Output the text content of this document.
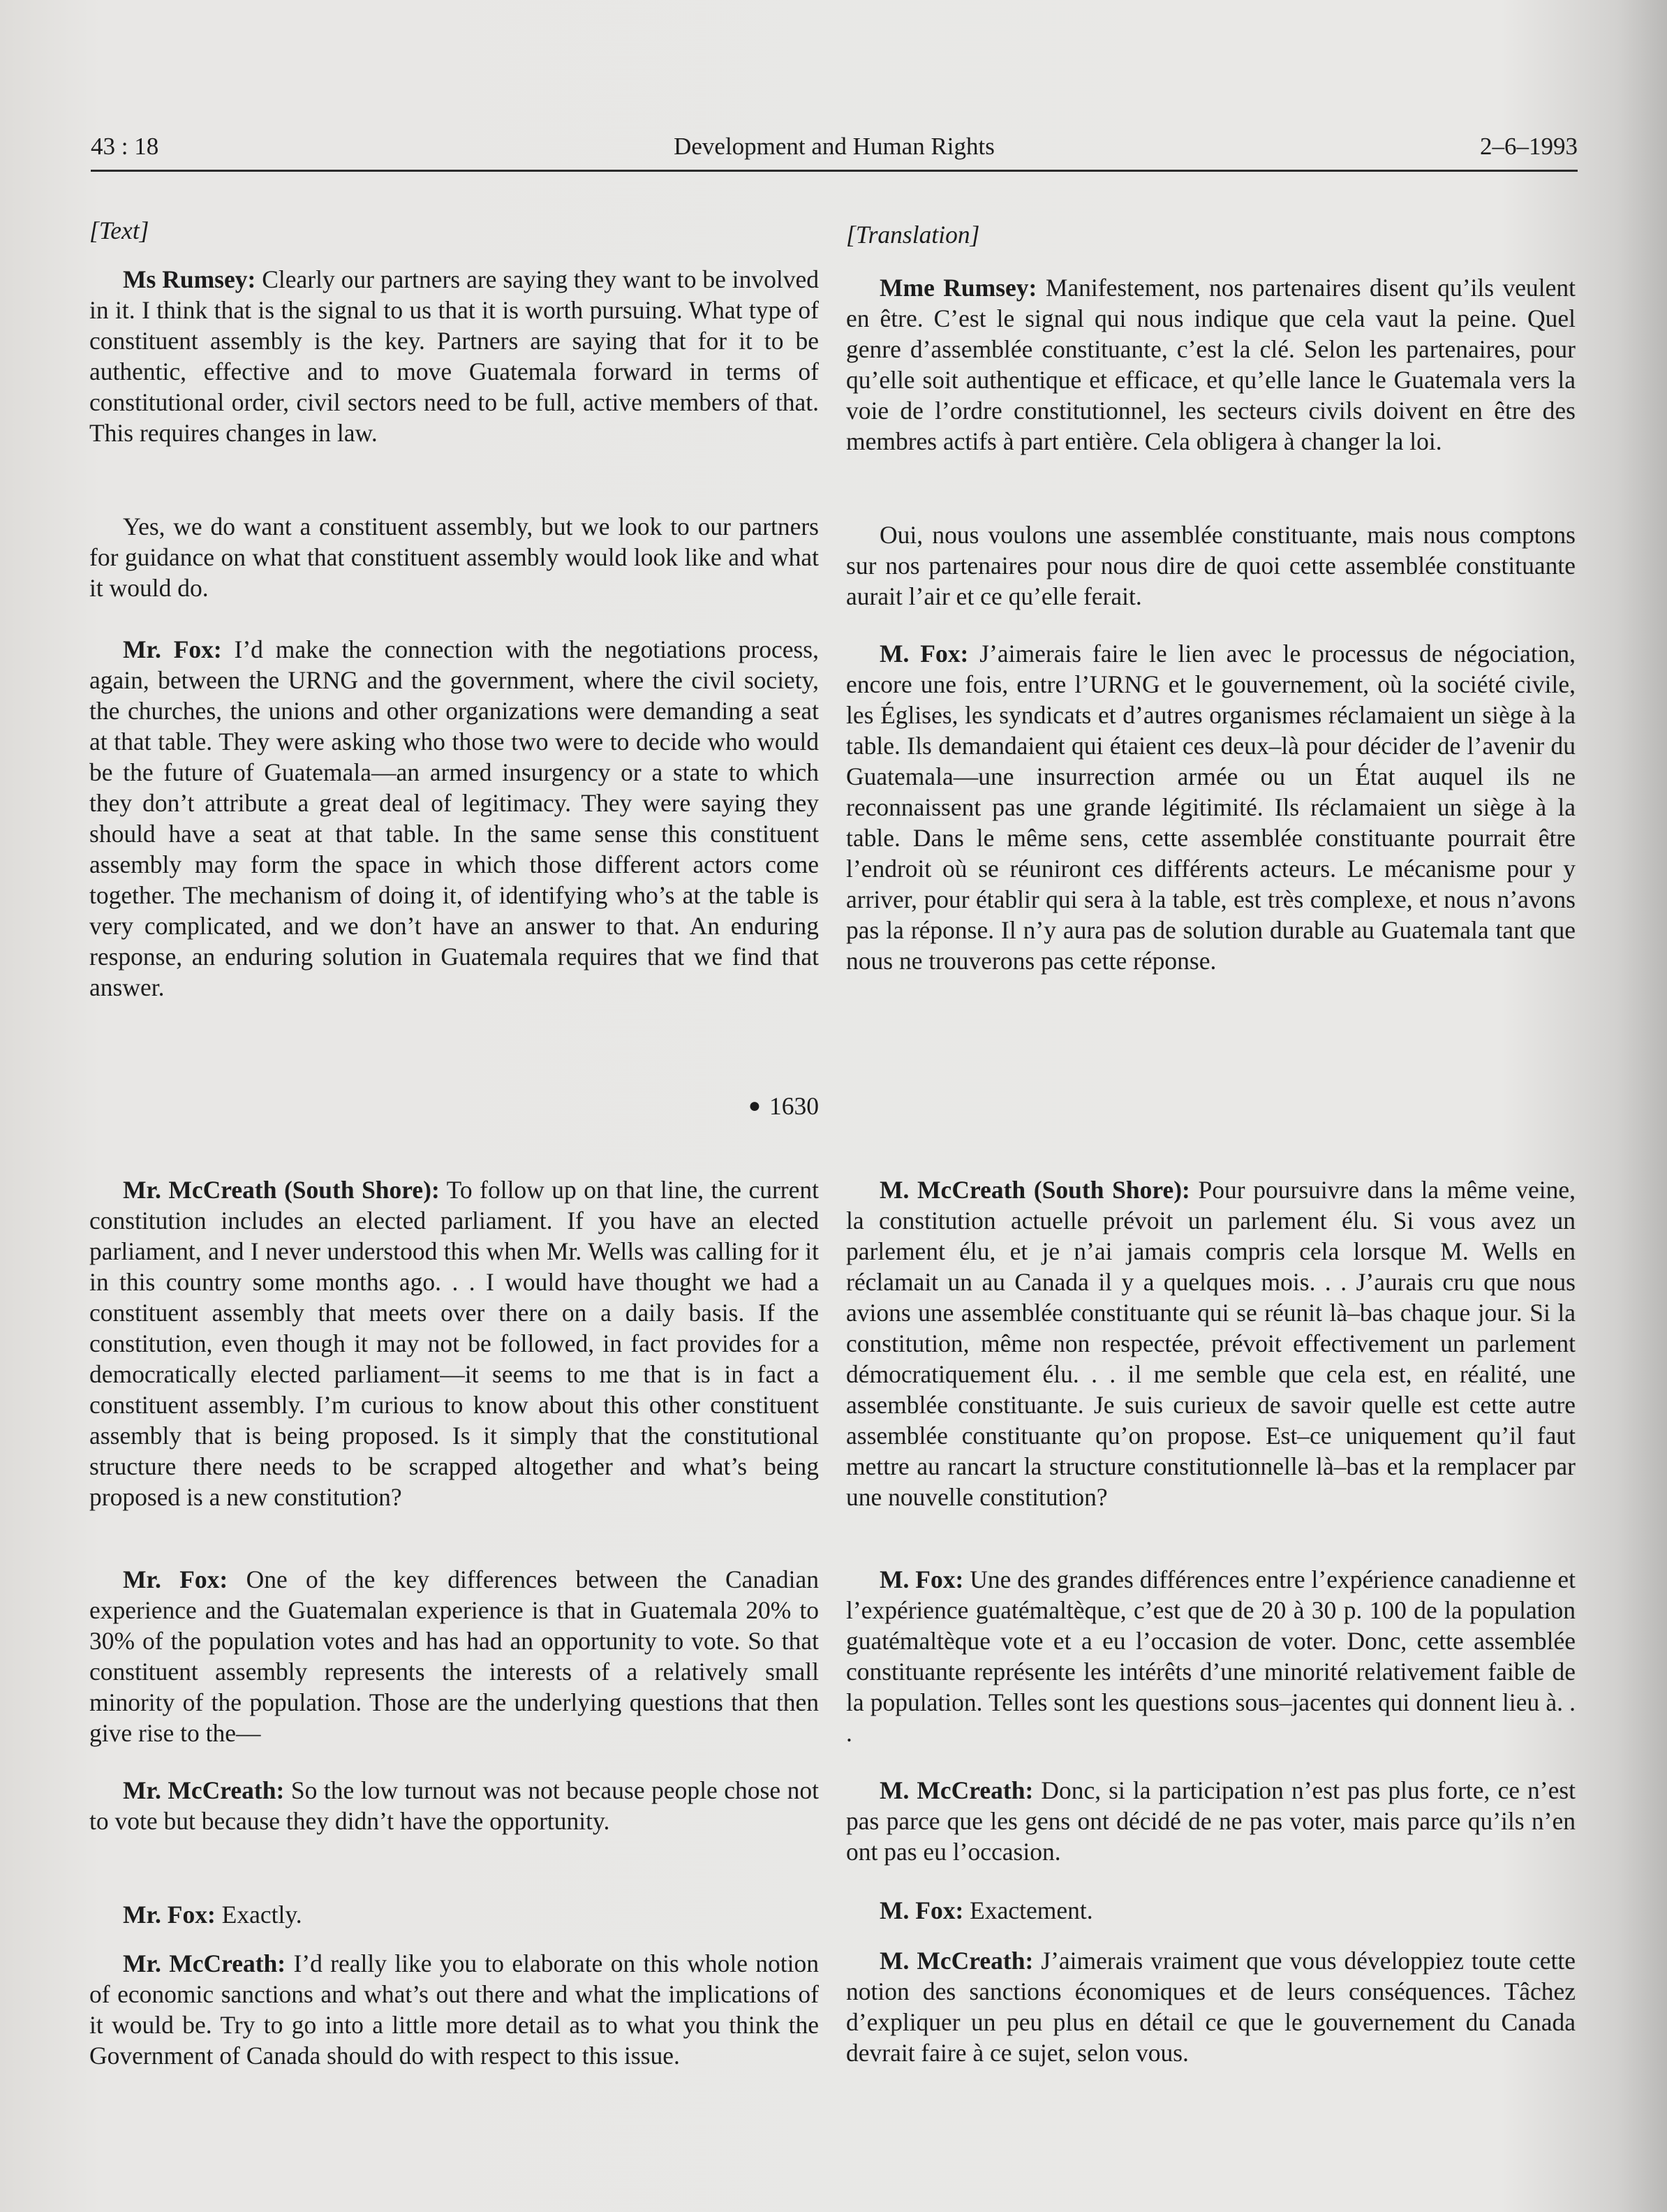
43 : 18	Development and Human Rights	2–6–1993
[Text]

Ms Rumsey: Clearly our partners are saying they want to be involved in it. I think that is the signal to us that it is worth pursuing. What type of constituent assembly is the key. Partners are saying that for it to be authentic, effective and to move Guatemala forward in terms of constitutional order, civil sectors need to be full, active members of that. This requires changes in law.

Yes, we do want a constituent assembly, but we look to our partners for guidance on what that constituent assembly would look like and what it would do.

Mr. Fox: I’d make the connection with the negotiations process, again, between the URNG and the government, where the civil society, the churches, the unions and other organizations were demanding a seat at that table. They were asking who those two were to decide who would be the future of Guatemala—an armed insurgency or a state to which they don’t attribute a great deal of legitimacy. They were saying they should have a seat at that table. In the same sense this constituent assembly may form the space in which those different actors come together. The mechanism of doing it, of identifying who’s at the table is very complicated, and we don’t have an answer to that. An enduring response, an enduring solution in Guatemala requires that we find that answer.

● 1630

Mr. McCreath (South Shore): To follow up on that line, the current constitution includes an elected parliament. If you have an elected parliament, and I never understood this when Mr. Wells was calling for it in this country some months ago. . . I would have thought we had a constituent assembly that meets over there on a daily basis. If the constitution, even though it may not be followed, in fact provides for a democratically elected parliament—it seems to me that is in fact a constituent assembly. I’m curious to know about this other constituent assembly that is being proposed. Is it simply that the constitutional structure there needs to be scrapped altogether and what’s being proposed is a new constitution?

Mr. Fox: One of the key differences between the Canadian experience and the Guatemalan experience is that in Guatemala 20% to 30% of the population votes and has had an opportunity to vote. So that constituent assembly represents the interests of a relatively small minority of the population. Those are the underlying questions that then give rise to the—

Mr. McCreath: So the low turnout was not because people chose not to vote but because they didn’t have the opportunity.

Mr. Fox: Exactly.

Mr. McCreath: I’d really like you to elaborate on this whole notion of economic sanctions and what’s out there and what the implications of it would be. Try to go into a little more detail as to what you think the Government of Canada should do with respect to this issue.

[Translation]

Mme Rumsey: Manifestement, nos partenaires disent qu’ils veulent en être. C’est le signal qui nous indique que cela vaut la peine. Quel genre d’assemblée constituante, c’est la clé. Selon les partenaires, pour qu’elle soit authentique et efficace, et qu’elle lance le Guatemala vers la voie de l’ordre constitutionnel, les secteurs civils doivent en être des membres actifs à part entière. Cela obligera à changer la loi.

Oui, nous voulons une assemblée constituante, mais nous comptons sur nos partenaires pour nous dire de quoi cette assemblée constituante aurait l’air et ce qu’elle ferait.

M. Fox: J’aimerais faire le lien avec le processus de négociation, encore une fois, entre l’URNG et le gouvernement, où la société civile, les Églises, les syndicats et d’autres organismes réclamaient un siège à la table. Ils demandaient qui étaient ces deux–là pour décider de l’avenir du Guatemala—une insurrection armée ou un État auquel ils ne reconnaissent pas une grande légitimité. Ils réclamaient un siège à la table. Dans le même sens, cette assemblée constituante pourrait être l’endroit où se réuniront ces différents acteurs. Le mécanisme pour y arriver, pour établir qui sera à la table, est très complexe, et nous n’avons pas la réponse. Il n’y aura pas de solution durable au Guatemala tant que nous ne trouverons pas cette réponse.

M. McCreath (South Shore): Pour poursuivre dans la même veine, la constitution actuelle prévoit un parlement élu. Si vous avez un parlement élu, et je n’ai jamais compris cela lorsque M. Wells en réclamait un au Canada il y a quelques mois. . . J’aurais cru que nous avions une assemblée constituante qui se réunit là–bas chaque jour. Si la constitution, même non respectée, prévoit effectivement un parlement démocratiquement élu. . . il me semble que cela est, en réalité, une assemblée constituante. Je suis curieux de savoir quelle est cette autre assemblée constituante qu’on propose. Est–ce uniquement qu’il faut mettre au rancart la structure constitutionnelle là–bas et la remplacer par une nouvelle constitution?

M. Fox: Une des grandes différences entre l’expérience canadienne et l’expérience guatémaltèque, c’est que de 20 à 30 p. 100 de la population guatémaltèque vote et a eu l’occasion de voter. Donc, cette assemblée constituante représente les intérêts d’une minorité relativement faible de la population. Telles sont les questions sous–jacentes qui donnent lieu à. . .

M. McCreath: Donc, si la participation n’est pas plus forte, ce n’est pas parce que les gens ont décidé de ne pas voter, mais parce qu’ils n’en ont pas eu l’occasion.

M. Fox: Exactement.

M. McCreath: J’aimerais vraiment que vous développiez toute cette notion des sanctions économiques et de leurs conséquences. Tâchez d’expliquer un peu plus en détail ce que le gouvernement du Canada devrait faire à ce sujet, selon vous.
